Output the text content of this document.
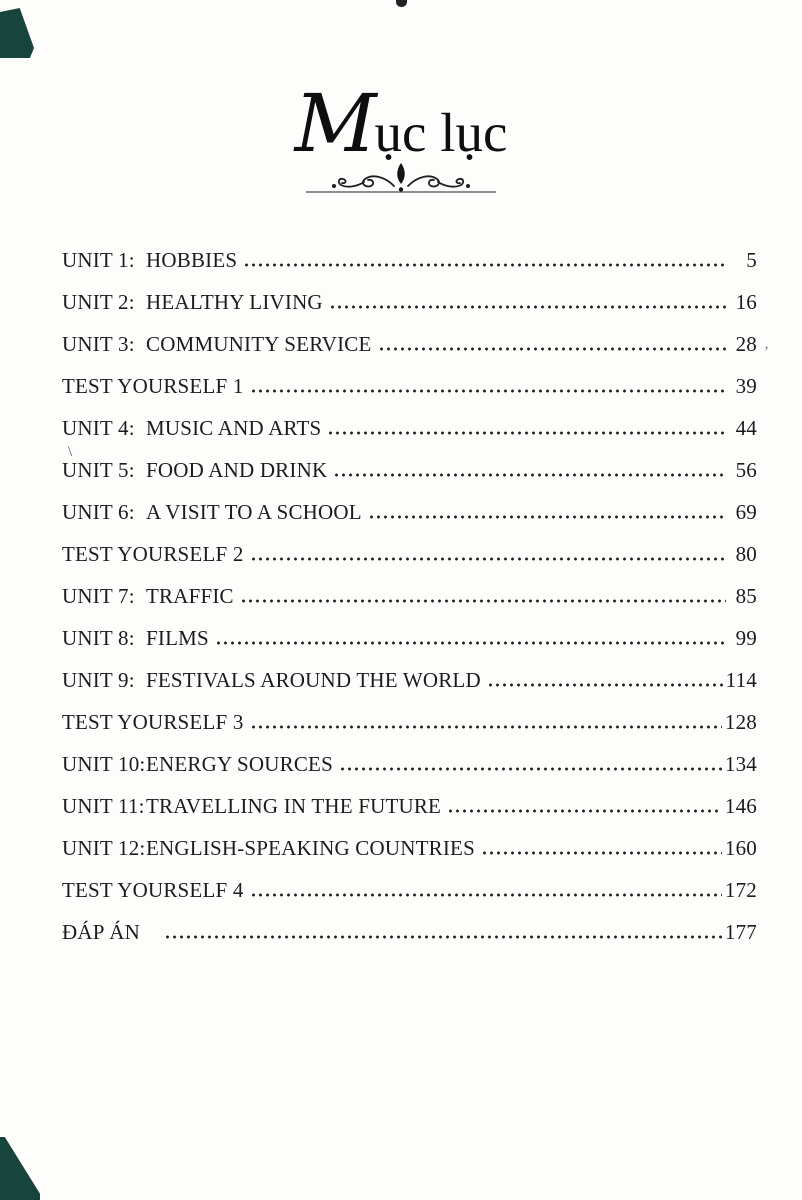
Mục lục
UNIT 1: HOBBIES	5
UNIT 2: HEALTHY LIVING	16
UNIT 3: COMMUNITY SERVICE	28
TEST YOURSELF 1	39
UNIT 4: MUSIC AND ARTS	44
UNIT 5: FOOD AND DRINK	56
UNIT 6: A VISIT TO A SCHOOL	69
TEST YOURSELF 2	80
UNIT 7: TRAFFIC	85
UNIT 8: FILMS	99
UNIT 9: FESTIVALS AROUND THE WORLD	114
TEST YOURSELF 3	128
UNIT 10: ENERGY SOURCES	134
UNIT 11: TRAVELLING IN THE FUTURE	146
UNIT 12: ENGLISH-SPEAKING COUNTRIES	160
TEST YOURSELF 4	172
ĐÁP ÁN	177
\
’
